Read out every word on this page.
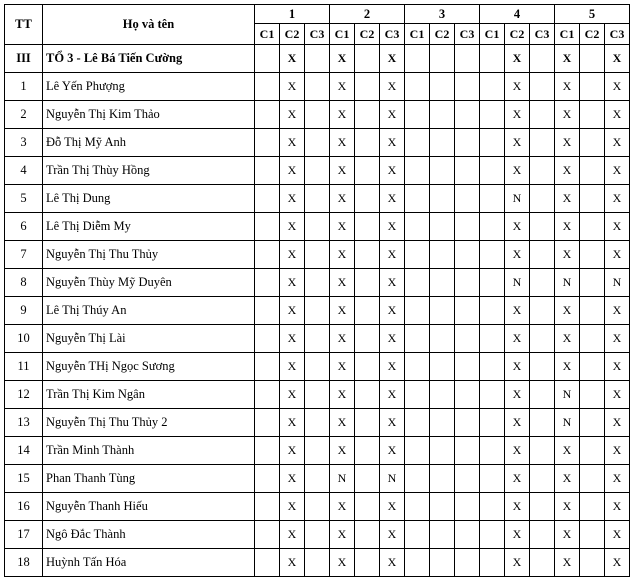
TT	Họ và tên	1			2			3			4			5		
		C1	C2	C3	C1	C2	C3	C1	C2	C3	C1	C2	C3	C1	C2	C3
III	TỔ 3 - Lê Bá Tiến Cường		X		X		X					X		X		X
1	Lê Yến Phượng		X		X		X					X		X		X
2	Nguyễn Thị Kim Thảo		X		X		X					X		X		X
3	Đỗ Thị Mỹ Anh		X		X		X					X		X		X
4	Trần Thị Thùy Hồng		X		X		X					X		X		X
5	Lê Thị Dung		X		X		X					N		X		X
6	Lê Thị Diễm My		X		X		X					X		X		X
7	Nguyễn Thị Thu Thủy		X		X		X					X		X		X
8	Nguyễn Thùy Mỹ Duyên		X		X		X					N		N		N
9	Lê Thị Thúy An		X		X		X					X		X		X
10	Nguyễn Thị Lài		X		X		X					X		X		X
11	Nguyễn THị Ngọc Sương		X		X		X					X		X		X
12	Trần Thị Kim Ngân		X		X		X					X		N		X
13	Nguyễn Thị Thu Thủy 2		X		X		X					X		N		X
14	Trần Minh Thành		X		X		X					X		X		X
15	Phan Thanh Tùng		X		N		N					X		X		X
16	Nguyễn Thanh Hiếu		X		X		X					X		X		X
17	Ngô Đắc Thành		X		X		X					X		X		X
18	Huỳnh Tấn Hóa		X		X		X					X		X		X
